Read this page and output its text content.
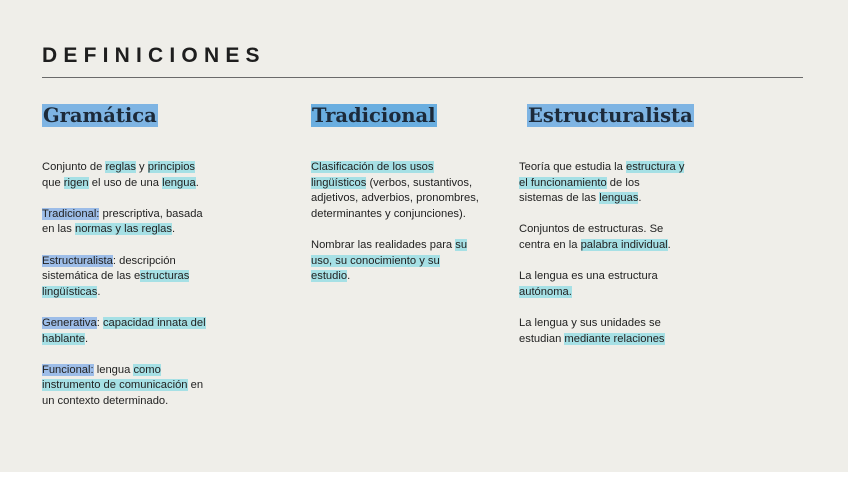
DEFINICIONES
Gramática	Tradicional	Estructuralista

Conjunto de reglas y principios
que rigen el uso de una lengua.

Tradicional: prescriptiva, basada
en las normas y las reglas.

Estructuralista: descripción
sistemática de las estructuras
lingüísticas.

Generativa: capacidad innata del
hablante.

Funcional: lengua como
instrumento de comunicación en
un contexto determinado.

Clasificación de los usos
lingüísticos (verbos, sustantivos,
adjetivos, adverbios, pronombres,
determinantes y conjunciones).

Nombrar las realidades para su
uso, su conocimiento y su
estudio.

Teoría que estudia la estructura y
el funcionamiento de los
sistemas de las lenguas.

Conjuntos de estructuras. Se
centra en la palabra individual.

La lengua es una estructura
autónoma.

La lengua y sus unidades se
estudian mediante relaciones
